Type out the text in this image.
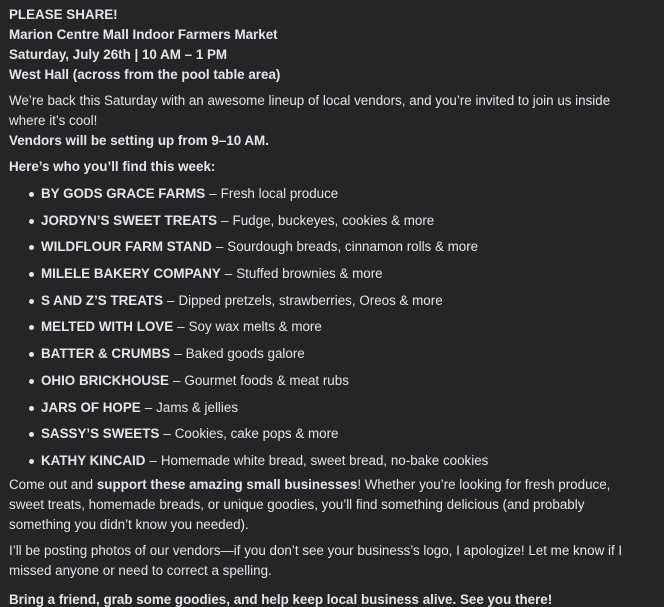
PLEASE SHARE!
Marion Centre Mall Indoor Farmers Market
Saturday, July 26th | 10 AM – 1 PM
West Hall (across from the pool table area)
We’re back this Saturday with an awesome lineup of local vendors, and you’re invited to join us inside
where it’s cool!
Vendors will be setting up from 9–10 AM.
Here’s who you’ll find this week:
BY GODS GRACE FARMS – Fresh local produce
JORDYN’S SWEET TREATS – Fudge, buckeyes, cookies & more
WILDFLOUR FARM STAND – Sourdough breads, cinnamon rolls & more
MILELE BAKERY COMPANY – Stuffed brownies & more
S AND Z’S TREATS – Dipped pretzels, strawberries, Oreos & more
MELTED WITH LOVE – Soy wax melts & more
BATTER & CRUMBS – Baked goods galore
OHIO BRICKHOUSE – Gourmet foods & meat rubs
JARS OF HOPE – Jams & jellies
SASSY’S SWEETS – Cookies, cake pops & more
KATHY KINCAID – Homemade white bread, sweet bread, no-bake cookies
Come out and support these amazing small businesses! Whether you’re looking for fresh produce,
sweet treats, homemade breads, or unique goodies, you’ll find something delicious (and probably
something you didn’t know you needed).
I’ll be posting photos of our vendors—if you don’t see your business’s logo, I apologize! Let me know if I
missed anyone or need to correct a spelling.
Bring a friend, grab some goodies, and help keep local business alive. See you there!
